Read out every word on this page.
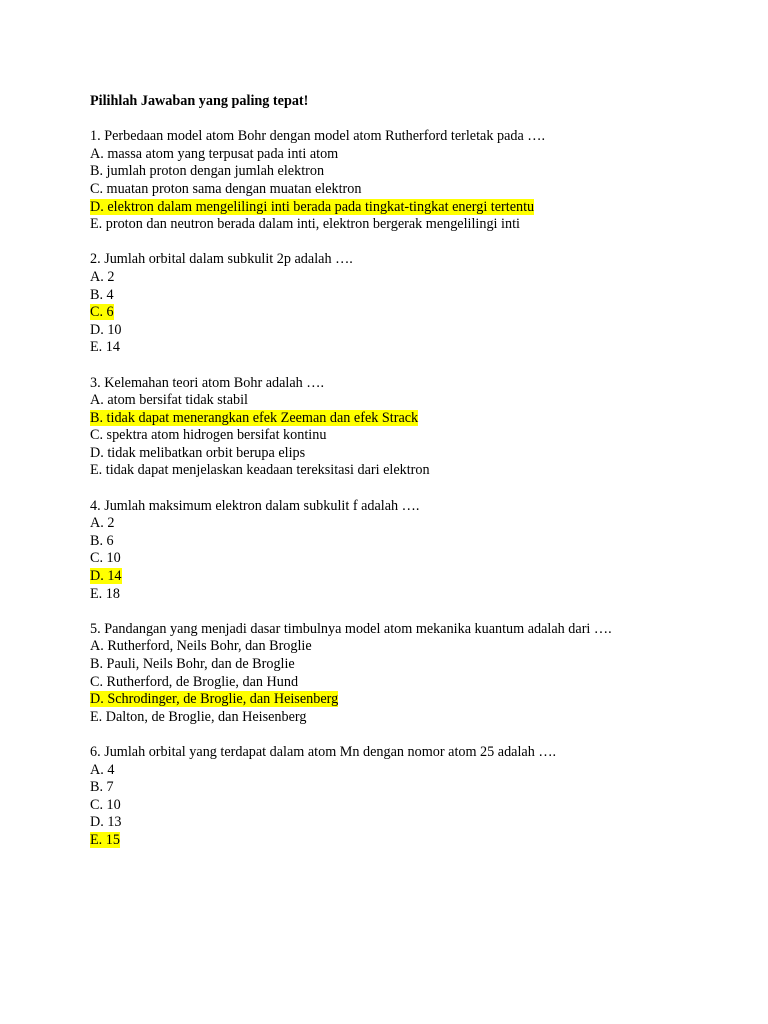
Pilihlah Jawaban yang paling tepat!
1. Perbedaan model atom Bohr dengan model atom Rutherford terletak pada ….
A. massa atom yang terpusat pada inti atom
B. jumlah proton dengan jumlah elektron
C. muatan proton sama dengan muatan elektron
D. elektron dalam mengelilingi inti berada pada tingkat-tingkat energi tertentu
E. proton dan neutron berada dalam inti, elektron bergerak mengelilingi inti
2. Jumlah orbital dalam subkulit 2p adalah ….
A. 2
B. 4
C. 6
D. 10
E. 14
3. Kelemahan teori atom Bohr adalah ….
A. atom bersifat tidak stabil
B. tidak dapat menerangkan efek Zeeman dan efek Strack
C. spektra atom hidrogen bersifat kontinu
D. tidak melibatkan orbit berupa elips
E. tidak dapat menjelaskan keadaan tereksitasi dari elektron
4. Jumlah maksimum elektron dalam subkulit f adalah ….
A. 2
B. 6
C. 10
D. 14
E. 18
5. Pandangan yang menjadi dasar timbulnya model atom mekanika kuantum adalah dari ….
A. Rutherford, Neils Bohr, dan Broglie
B. Pauli, Neils Bohr, dan de Broglie
C. Rutherford, de Broglie, dan Hund
D. Schrodinger, de Broglie, dan Heisenberg
E. Dalton, de Broglie, dan Heisenberg
6. Jumlah orbital yang terdapat dalam atom Mn dengan nomor atom 25 adalah ….
A. 4
B. 7
C. 10
D. 13
E. 15
